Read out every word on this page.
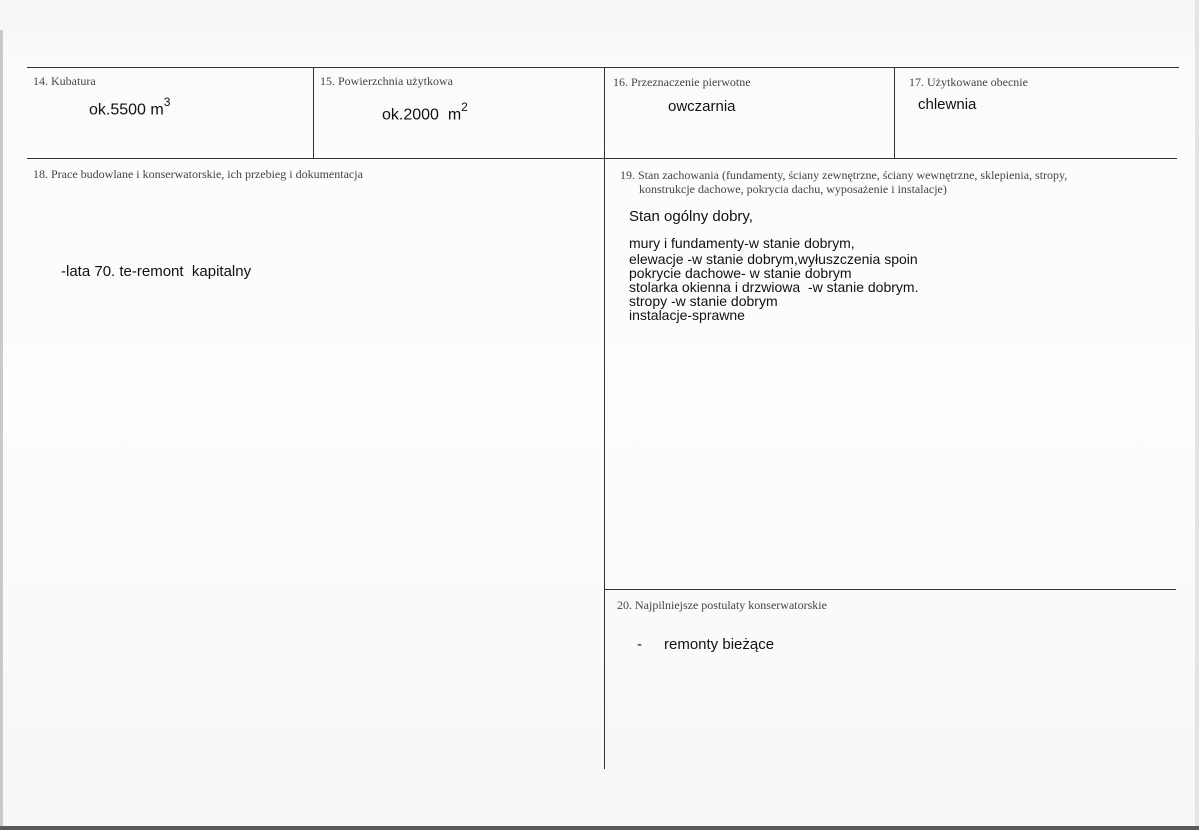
14. Kubatura
ok.5500 $m^3$
15. Powierzchnia użytkowa
ok.2000  $m^2$
16. Przeznaczenie pierwotne
owczarnia
17. Użytkowane obecnie
chlewnia
18. Prace budowlane i konserwatorskie, ich przebieg i dokumentacja
-lata 70. te-remont  kapitalny
19. Stan zachowania (fundamenty, ściany zewnętrzne, ściany wewnętrzne, sklepienia, stropy,
konstrukcje dachowe, pokrycia dachu, wyposażenie i instalacje)
Stan ogólny dobry,
mury i fundamenty-w stanie dobrym,
elewacje -w stanie dobrym,wyłuszczenia spoin
pokrycie dachowe- w stanie dobrym
stolarka okienna i drzwiowa  -w stanie dobrym.
stropy -w stanie dobrym
instalacje-sprawne
20. Najpilniejsze postulaty konserwatorskie
- remonty bieżące
